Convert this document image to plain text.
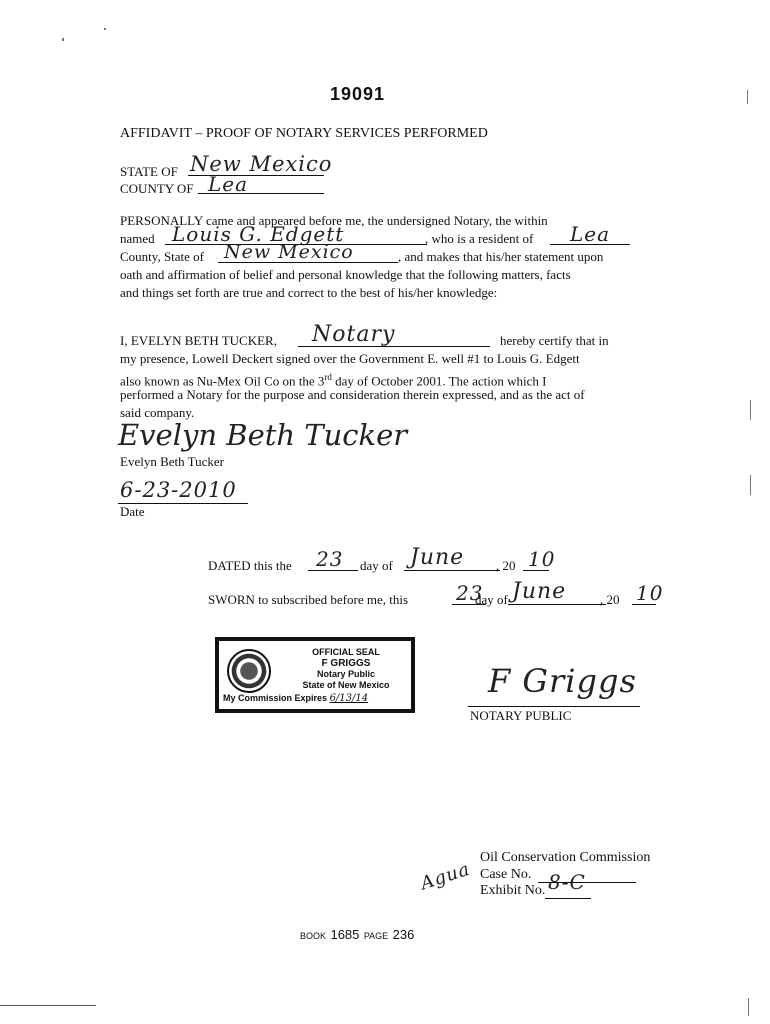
19091
AFFIDAVIT – PROOF OF NOTARY SERVICES PERFORMED
STATE OF New Mexico
COUNTY OF Lea
PERSONALLY came and appeared before me, the undersigned Notary, the within
named Louis G. Edgett	, who is a resident of Lea
County, State of New Mexico	, and makes that his/her statement upon
oath and affirmation of belief and personal knowledge that the following matters, facts
and things set forth are true and correct to the best of his/her knowledge:
I, EVELYN BETH TUCKER, Notary	hereby certify that in
my presence, Lowell Deckert signed over the Government E. well #1 to Louis G. Edgett
also known as Nu-Mex Oil Co on the 3rd day of October 2001. The action which I
performed a Notary for the purpose and consideration therein expressed, and as the act of
said company.
Evelyn Beth Tucker
Evelyn Beth Tucker
6-23-2010
Date
DATED this the 23 day of June , 20 10
SWORN to subscribed before me, this 23
day of June	, 20 10
OFFICIAL SEAL
F GRIGGS
Notary Public
State of New Mexico
My Commission Expires 6/13/14	F Griggs
NOTARY PUBLIC
Oil Conservation Commission
Case No.
Exhibit No. 8-C
Agua
BOOK 1685 PAGE 236
